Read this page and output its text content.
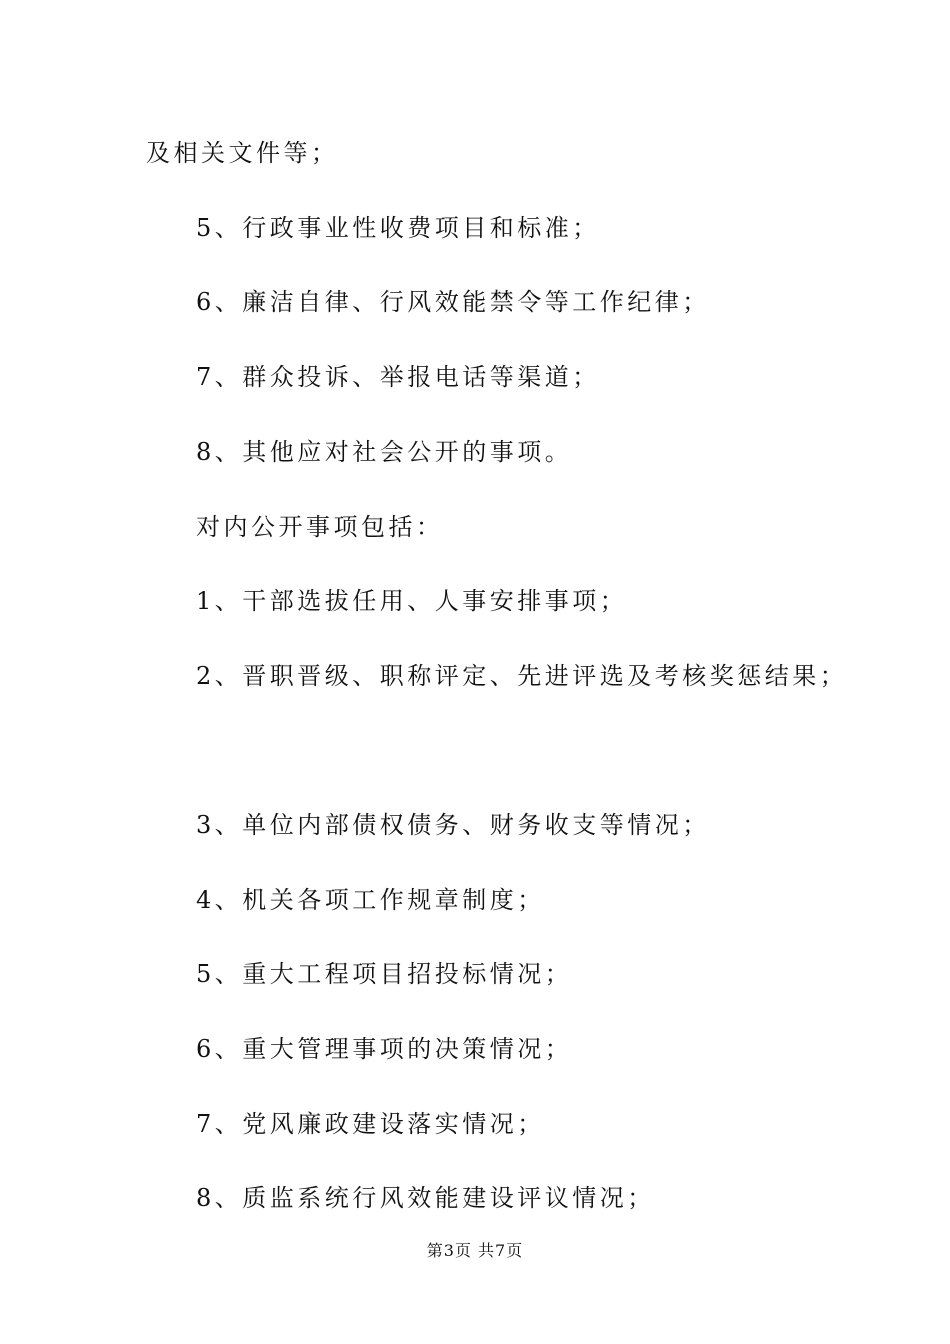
及相关文件等；
5、行政事业性收费项目和标准；
6、廉洁自律、行风效能禁令等工作纪律；
7、群众投诉、举报电话等渠道；
8、其他应对社会公开的事项。
对内公开事项包括：
1、干部选拔任用、人事安排事项；
2、晋职晋级、职称评定、先进评选及考核奖惩结果；
3、单位内部债权债务、财务收支等情况；
4、机关各项工作规章制度；
5、重大工程项目招投标情况；
6、重大管理事项的决策情况；
7、党风廉政建设落实情况；
8、质监系统行风效能建设评议情况；
第3页 共7页
